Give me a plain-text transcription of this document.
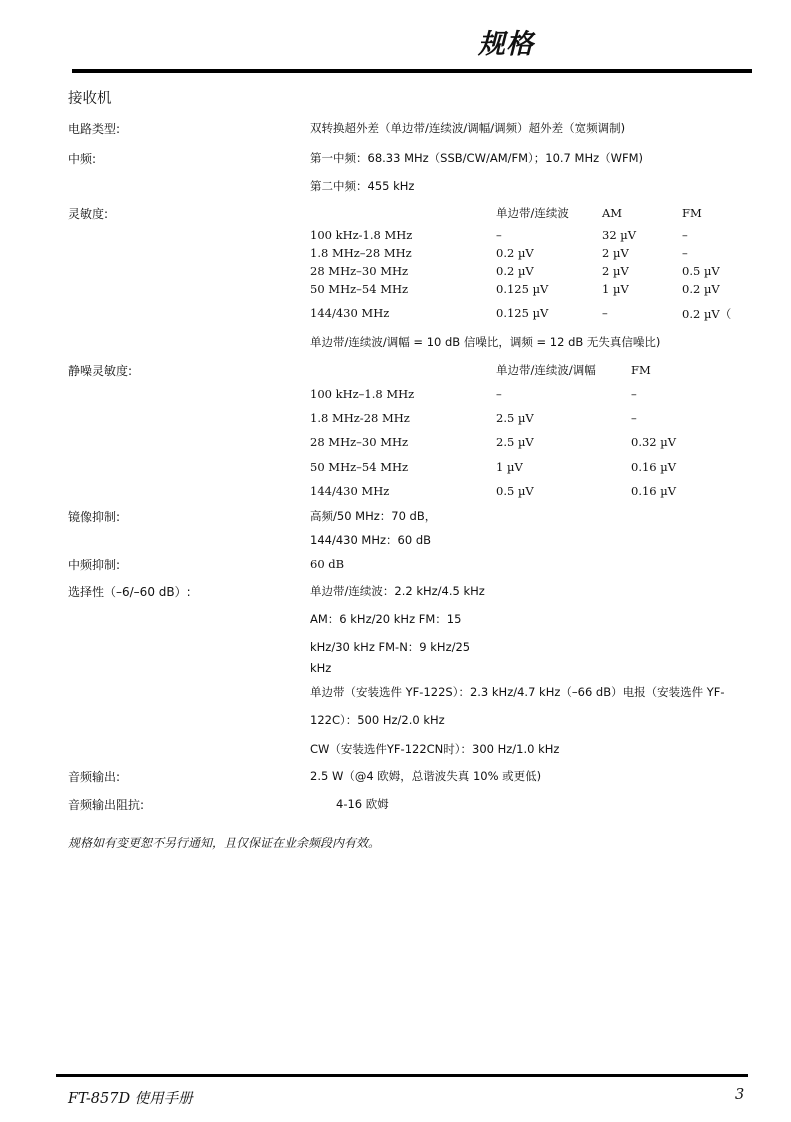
规格
接收机
电路类型:	双转换超外差（单边带/连续波/调幅/调频）超外差（宽频调制)
中频:	第一中频：68.33 MHz（SSB/CW/AM/FM）；10.7 MHz（WFM)
第二中频：455 kHz
灵敏度:	单边带/连续波	AM	FM
100 kHz-1.8 MHz	–	32 µV	–
1.8 MHz–28 MHz	0.2 µV	2 µV	–
28 MHz–30 MHz	0.2 µV	2 µV	0.5 µV
50 MHz–54 MHz	0.125 µV	1 µV	0.2 µV
144/430 MHz	0.125 µV	–	0.2 µV（
单边带/连续波/调幅 = 10 dB 信噪比，调频 = 12 dB 无失真信噪比)
静噪灵敏度:	单边带/连续波/调幅	FM
100 kHz–1.8 MHz	–	–
1.8 MHz-28 MHz	2.5 µV	–
28 MHz–30 MHz	2.5 µV	0.32 µV
50 MHz–54 MHz	1 µV	0.16 µV
144/430 MHz	0.5 µV	0.16 µV
镜像抑制:	高频/50 MHz：70 dB，
144/430 MHz：60 dB
中频抑制:	60 dB
选择性（–6/–60 dB）:	单边带/连续波：2.2 kHz/4.5 kHz
AM：6 kHz/20 kHz FM：15
kHz/30 kHz FM-N：9 kHz/25
kHz
单边带（安装选件 YF-122S）：2.3 kHz/4.7 kHz（–66 dB）电报（安装选件 YF-
122C）：500 Hz/2.0 kHz
CW（安装选件YF-122CN时）：300 Hz/1.0 kHz
音频输出:	2.5 W（@4 欧姆，总谐波失真 10% 或更低)
音频输出阻抗:	4-16 欧姆
规格如有变更恕不另行通知，且仅保证在业余频段内有效。
FT-857D 使用手册	3
